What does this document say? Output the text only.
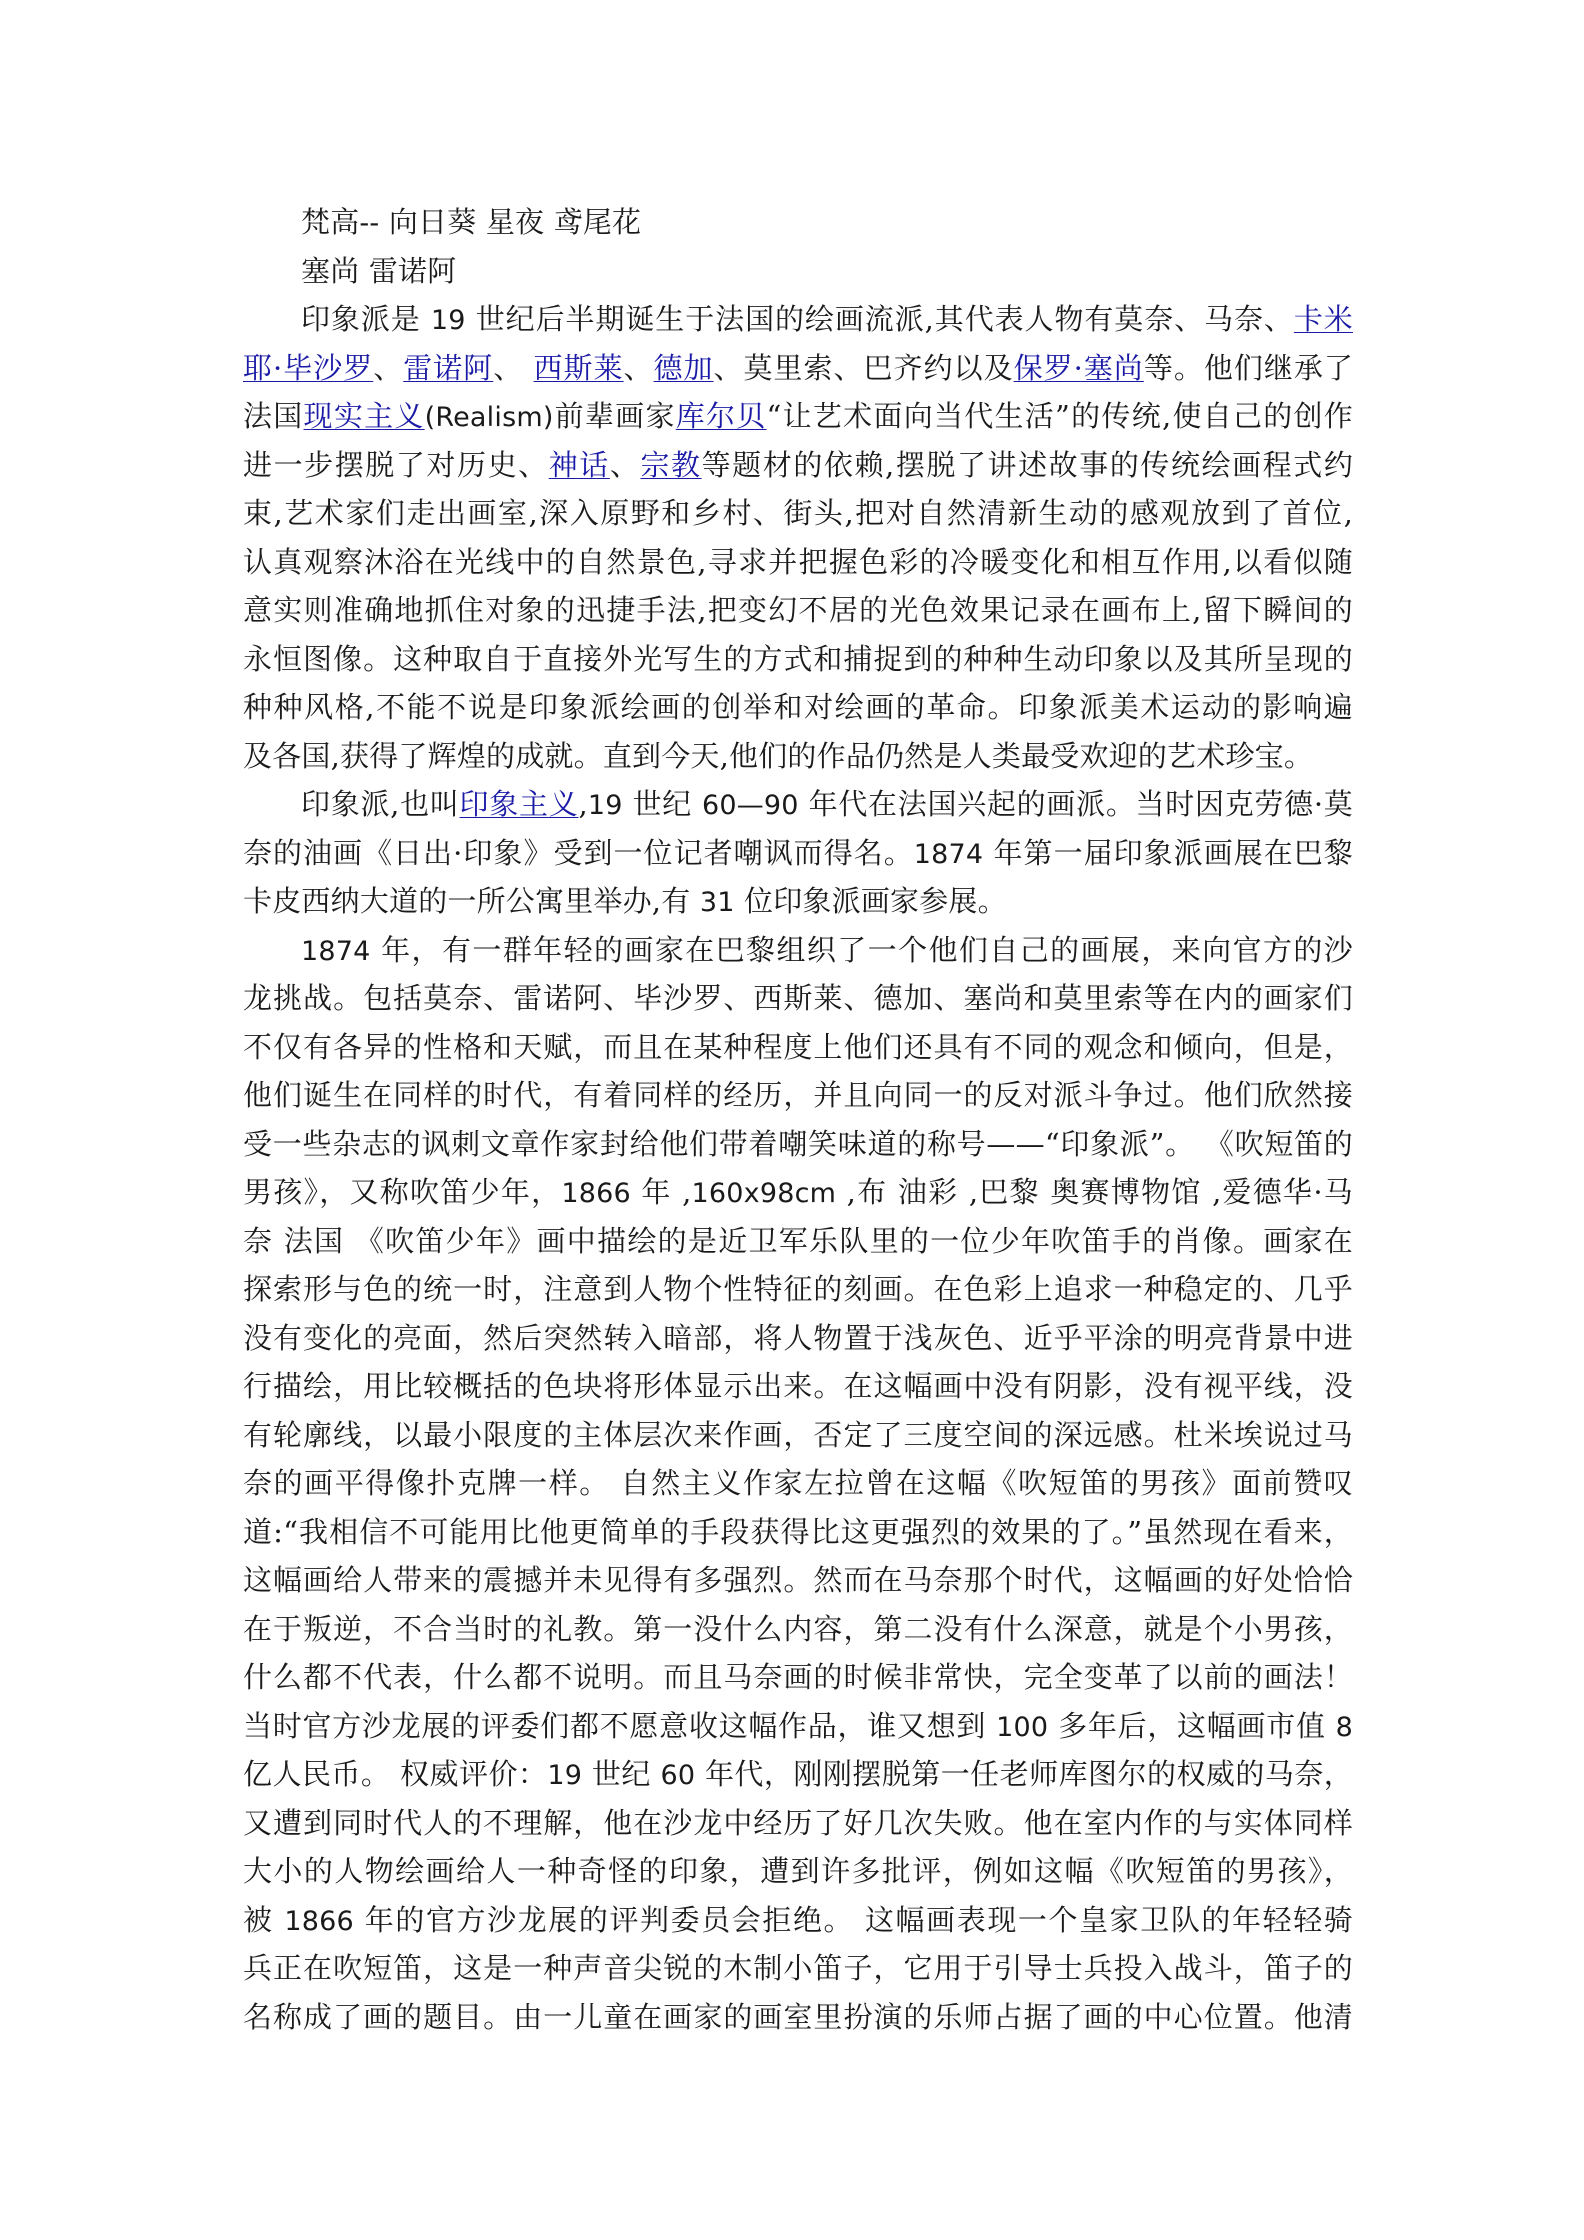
梵高-- 向日葵 星夜 鸢尾花
塞尚 雷诺阿
印象派是 19 世纪后半期诞生于法国的绘画流派,其代表人物有莫奈、马奈、卡米
耶·毕沙罗、雷诺阿、 西斯莱、德加、莫里索、巴齐约以及保罗·塞尚等。他们继承了
法国现实主义(Realism)前辈画家库尔贝“让艺术面向当代生活”的传统,使自己的创作
进一步摆脱了对历史、神话、宗教等题材的依赖,摆脱了讲述故事的传统绘画程式约
束,艺术家们走出画室,深入原野和乡村、街头,把对自然清新生动的感观放到了首位,
认真观察沐浴在光线中的自然景色,寻求并把握色彩的冷暖变化和相互作用,以看似随
意实则准确地抓住对象的迅捷手法,把变幻不居的光色效果记录在画布上,留下瞬间的
永恒图像。这种取自于直接外光写生的方式和捕捉到的种种生动印象以及其所呈现的
种种风格,不能不说是印象派绘画的创举和对绘画的革命。印象派美术运动的影响遍
及各国,获得了辉煌的成就。直到今天,他们的作品仍然是人类最受欢迎的艺术珍宝。
印象派,也叫印象主义,19 世纪 60—90 年代在法国兴起的画派。当时因克劳德·莫
奈的油画《日出·印象》受到一位记者嘲讽而得名。1874 年第一届印象派画展在巴黎
卡皮西纳大道的一所公寓里举办,有 31 位印象派画家参展。
1874 年，有一群年轻的画家在巴黎组织了一个他们自己的画展，来向官方的沙
龙挑战。包括莫奈、雷诺阿、毕沙罗、西斯莱、德加、塞尚和莫里索等在内的画家们
不仅有各异的性格和天赋，而且在某种程度上他们还具有不同的观念和倾向，但是，
他们诞生在同样的时代，有着同样的经历，并且向同一的反对派斗争过。他们欣然接
受一些杂志的讽刺文章作家封给他们带着嘲笑味道的称号——“印象派”。 《吹短笛的
男孩》，又称吹笛少年，1866 年 ,160x98cm ,布 油彩 ,巴黎 奥赛博物馆 ,爱德华·马
奈 法国 《吹笛少年》画中描绘的是近卫军乐队里的一位少年吹笛手的肖像。画家在
探索形与色的统一时，注意到人物个性特征的刻画。在色彩上追求一种稳定的、几乎
没有变化的亮面，然后突然转入暗部，将人物置于浅灰色、近乎平涂的明亮背景中进
行描绘，用比较概括的色块将形体显示出来。在这幅画中没有阴影，没有视平线，没
有轮廓线，以最小限度的主体层次来作画，否定了三度空间的深远感。杜米埃说过马
奈的画平得像扑克牌一样。 自然主义作家左拉曾在这幅《吹短笛的男孩》面前赞叹
道:“我相信不可能用比他更简单的手段获得比这更强烈的效果的了。”虽然现在看来，
这幅画给人带来的震撼并未见得有多强烈。然而在马奈那个时代，这幅画的好处恰恰
在于叛逆，不合当时的礼教。第一没什么内容，第二没有什么深意，就是个小男孩，
什么都不代表，什么都不说明。而且马奈画的时候非常快，完全变革了以前的画法！
当时官方沙龙展的评委们都不愿意收这幅作品，谁又想到 100 多年后，这幅画市值 8
亿人民币。 权威评价：19 世纪 60 年代，刚刚摆脱第一任老师库图尔的权威的马奈，
又遭到同时代人的不理解，他在沙龙中经历了好几次失败。他在室内作的与实体同样
大小的人物绘画给人一种奇怪的印象，遭到许多批评，例如这幅《吹短笛的男孩》，
被 1866 年的官方沙龙展的评判委员会拒绝。 这幅画表现一个皇家卫队的年轻轻骑
兵正在吹短笛，这是一种声音尖锐的木制小笛子，它用于引导士兵投入战斗，笛子的
名称成了画的题目。由一儿童在画家的画室里扮演的乐师占据了画的中心位置。他清
